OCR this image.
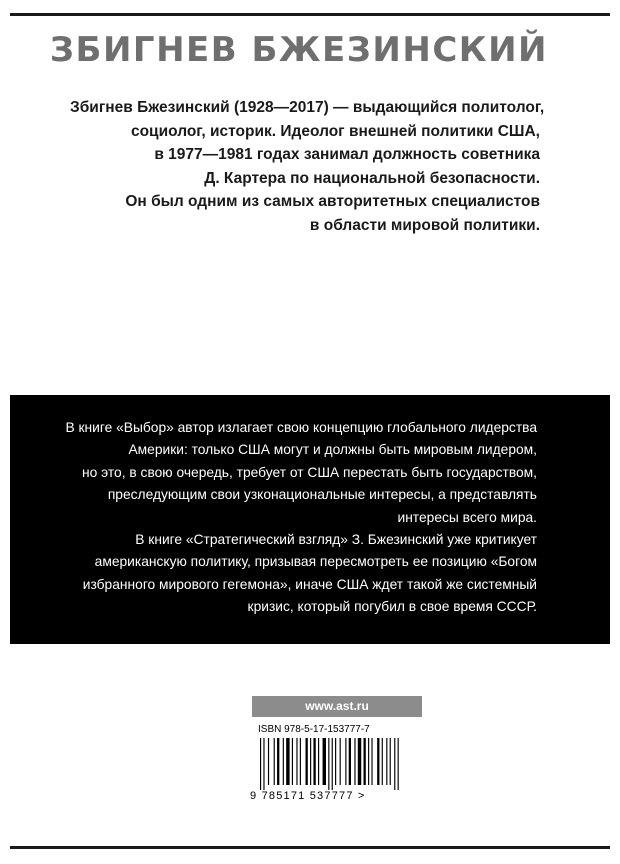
ЗБИГНЕВ БЖЕЗИНСКИЙ

Збигнев Бжезинский (1928—2017) — выдающийся политолог,
социолог, историк. Идеолог внешней политики США,
в 1977—1981 годах занимал должность советника
Д. Картера по национальной безопасности.
Он был одним из самых авторитетных специалистов
в области мировой политики.

В книге «Выбор» автор излагает свою концепцию глобального лидерства
Америки: только США могут и должны быть мировым лидером,
но это, в свою очередь, требует от США перестать быть государством,
преследующим свои узконациональные интересы, а представлять
интересы всего мира.
В книге «Стратегический взгляд» З. Бжезинский уже критикует
американскую политику, призывая пересмотреть ее позицию «Богом
избранного мирового гегемона», иначе США ждет такой же системный
кризис, который погубил в свое время СССР.

www.ast.ru
ISBN 978-5-17-153777-7
9 785171 537777 >
